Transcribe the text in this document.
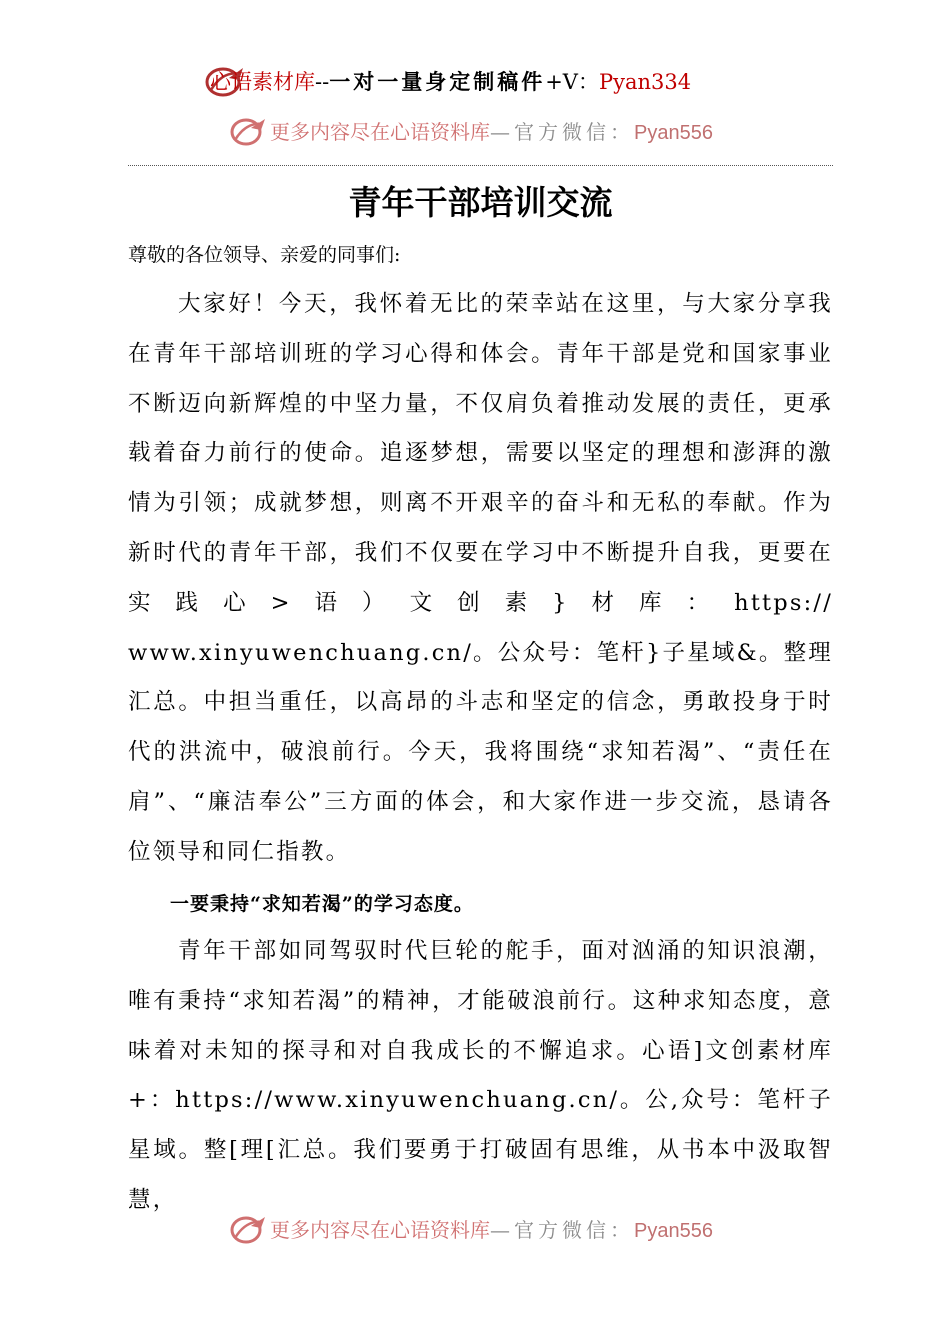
心语素材库--一对一量身定制稿件+V：Pyan334
更多内容尽在心语资料库—官方微信：Pyan556
青年干部培训交流
尊敬的各位领导、亲爱的同事们:

大家好！今天，我怀着无比的荣幸站在这里，与大家分享我在青年干部培训班的学习心得和体会。青年干部是党和国家事业不断迈向新辉煌的中坚力量，不仅肩负着推动发展的责任，更承载着奋力前行的使命。追逐梦想，需要以坚定的理想和澎湃的激情为引领；成就梦想，则离不开艰辛的奋斗和无私的奉献。作为新时代的青年干部，我们不仅要在学习中不断提升自我，更要在实践心>语）文创素}材库：https:// www.xinyuwenchuang.cn/。公众号：笔杆}子星域&。整理汇总。中担当重任，以高昂的斗志和坚定的信念，勇敢投身于时代的洪流中，破浪前行。今天，我将围绕“求知若渴”、“责任在肩”、“廉洁奉公”三方面的体会，和大家作进一步交流，恳请各位领导和同仁指教。

一要秉持“求知若渴”的学习态度。

青年干部如同驾驭时代巨轮的舵手，面对汹涌的知识浪潮，唯有秉持“求知若渴”的精神，才能破浪前行。这种求知态度，意味着对未知的探寻和对自我成长的不懈追求。心语]文创素材库+：https://www.xinyuwenchuang.cn/。公,众号：笔杆子星域。整[理[汇总。我们要勇于打破固有思维，从书本中汲取智慧，

更多内容尽在心语资料库—官方微信：Pyan556
